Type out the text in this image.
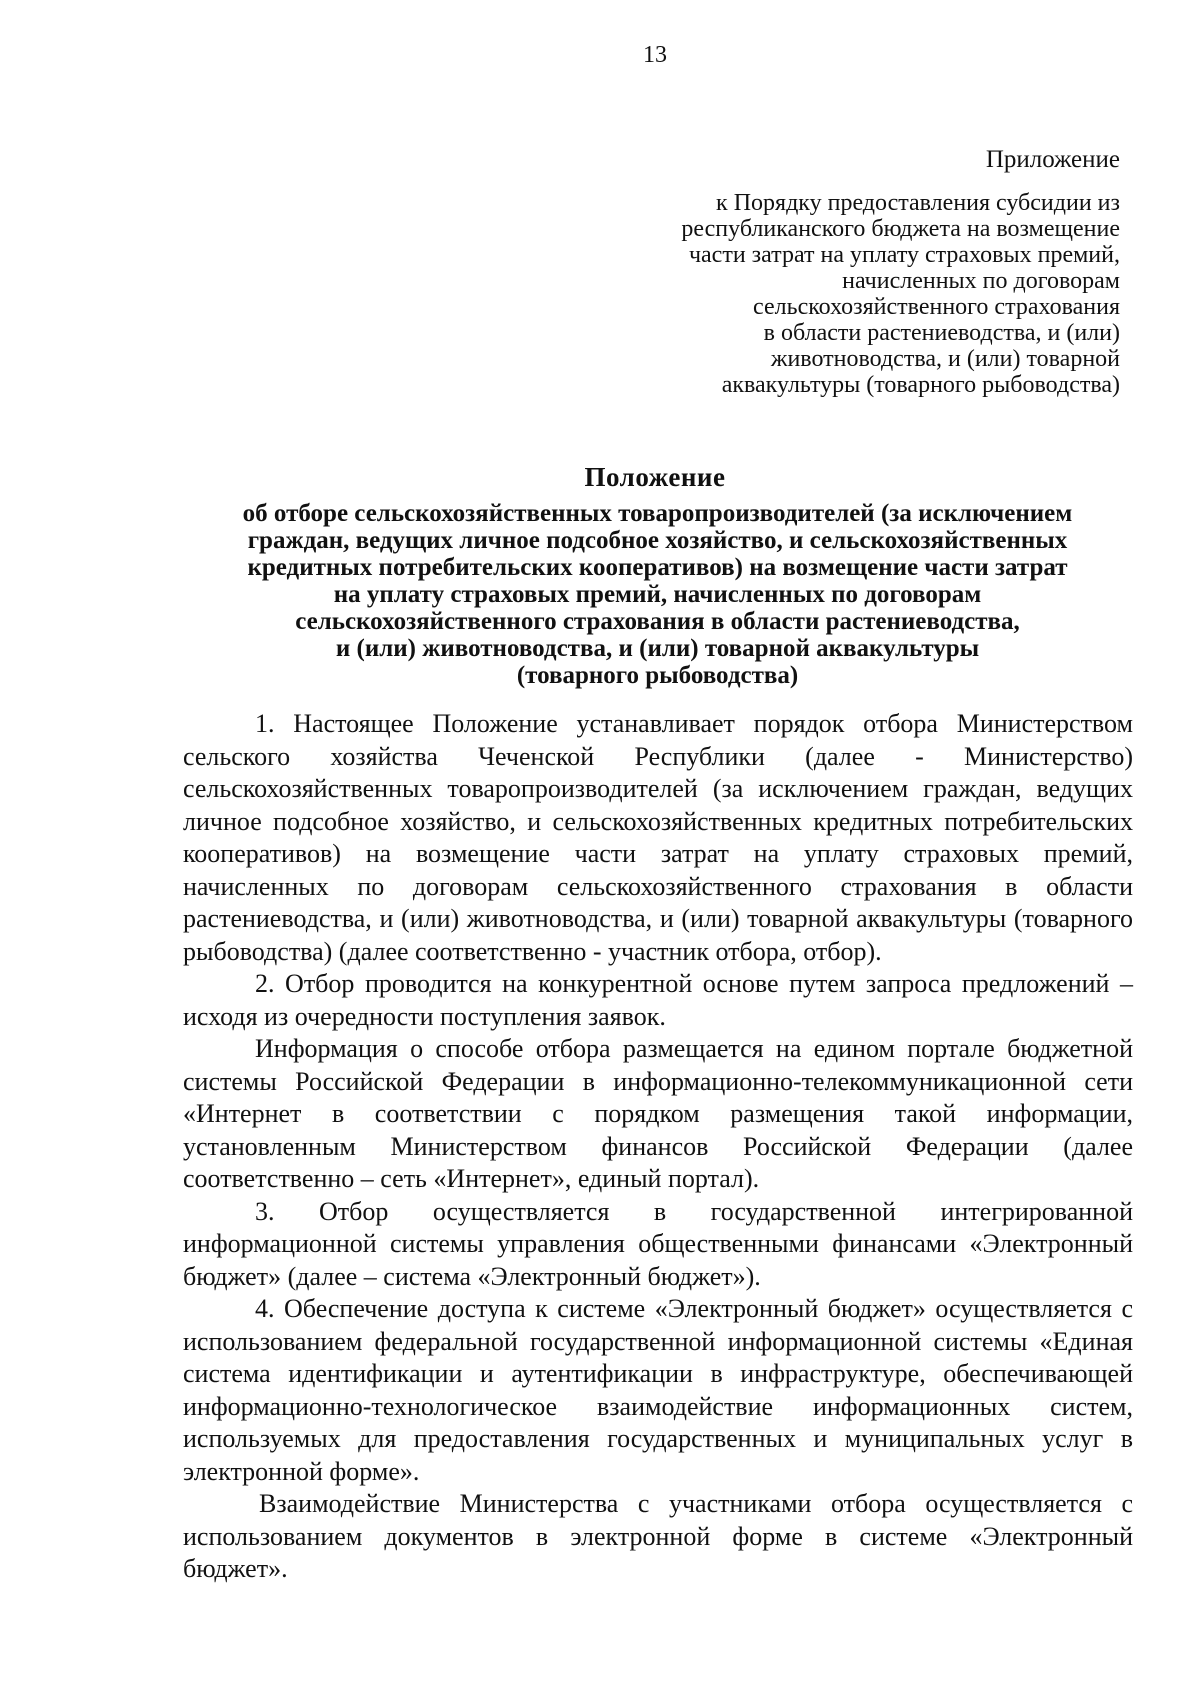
13
Приложение
к Порядку предоставления субсидии из
республиканского бюджета на возмещение
части затрат на уплату страховых премий,
начисленных по договорам
сельскохозяйственного страхования
в области растениеводства, и (или)
животноводства, и (или) товарной
аквакультуры (товарного рыбоводства)
Положение
об отборе сельскохозяйственных товаропроизводителей (за исключением
граждан, ведущих личное подсобное хозяйство, и сельскохозяйственных
кредитных потребительских кооперативов) на возмещение части затрат
на уплату страховых премий, начисленных по договорам
сельскохозяйственного страхования в области растениеводства,
и (или) животноводства, и (или) товарной аквакультуры
(товарного рыбоводства)

1. Настоящее Положение устанавливает порядок отбора Министерством сельского хозяйства Чеченской Республики (далее - Министерство) сельскохозяйственных товаропроизводителей (за исключением граждан, ведущих личное подсобное хозяйство, и сельскохозяйственных кредитных потребительских кооперативов) на возмещение части затрат на уплату страховых премий, начисленных по договорам сельскохозяйственного страхования в области растениеводства, и (или) животноводства, и (или) товарной аквакультуры (товарного рыбоводства) (далее соответственно - участник отбора, отбор).

2. Отбор проводится на конкурентной основе путем запроса предложений – исходя из очередности поступления заявок.

Информация о способе отбора размещается на едином портале бюджетной системы Российской Федерации в информационно-телекоммуникационной сети «Интернет в соответствии с порядком размещения такой информации, установленным Министерством финансов Российской Федерации (далее соответственно – сеть «Интернет», единый портал).

3. Отбор осуществляется в государственной интегрированной информационной системы управления общественными финансами «Электронный бюджет» (далее – система «Электронный бюджет»).

4. Обеспечение доступа к системе «Электронный бюджет» осуществляется с использованием федеральной государственной информационной системы «Единая система идентификации и аутентификации в инфраструктуре, обеспечивающей информационно-технологическое взаимодействие информационных систем, используемых для предоставления государственных и муниципальных услуг в электронной форме».

Взаимодействие Министерства с участниками отбора осуществляется с использованием документов в электронной форме в системе «Электронный бюджет».
